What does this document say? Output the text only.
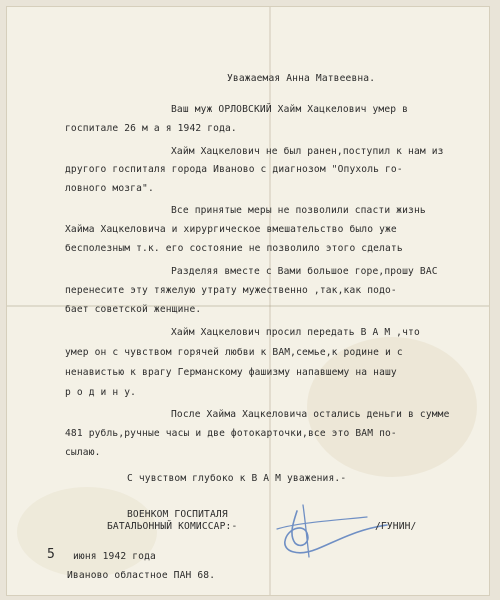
Уважаемая Анна Матвеевна.
Ваш муж ОРЛОВСКИЙ Хайм Хацкелович умер в
госпитале 26 м а я 1942 года.
Хайм Хацкелович не был ранен,поступил к нам из
другого госпиталя города Иваново с диагнозом "Опухоль го-
ловного мозга".
Все принятые меры не позволили спасти жизнь
Хайма Хацкеловича и хирургическое вмешательство было уже
бесполезным т.к. его состояние не позволило этого сделать
Разделяя вместе с Вами большое горе,прошу ВАС
перенесите эту тяжелую утрату мужественно ,так,как подо-
бает советской женщине.
Хайм Хацкелович просил передать В А М ,что
умер он с чувством горячей любви к ВАМ,семье,к родине и с
ненавистью к врагу Германскому фашизму напавшему на нашу
р о д и н у.
После Хайма Хацкеловича остались деньги в сумме
481 рубль,ручные часы и две фотокарточки,все это ВАМ по-
сылаю.
С чувством глубоко к В А М уважения.-
ВОЕНКОМ ГОСПИТАЛЯ
БАТАЛЬОННЫЙ КОМИССАР:-	/ГУНИН/
5 июня 1942 года
Иваново областное ПАН 68.
